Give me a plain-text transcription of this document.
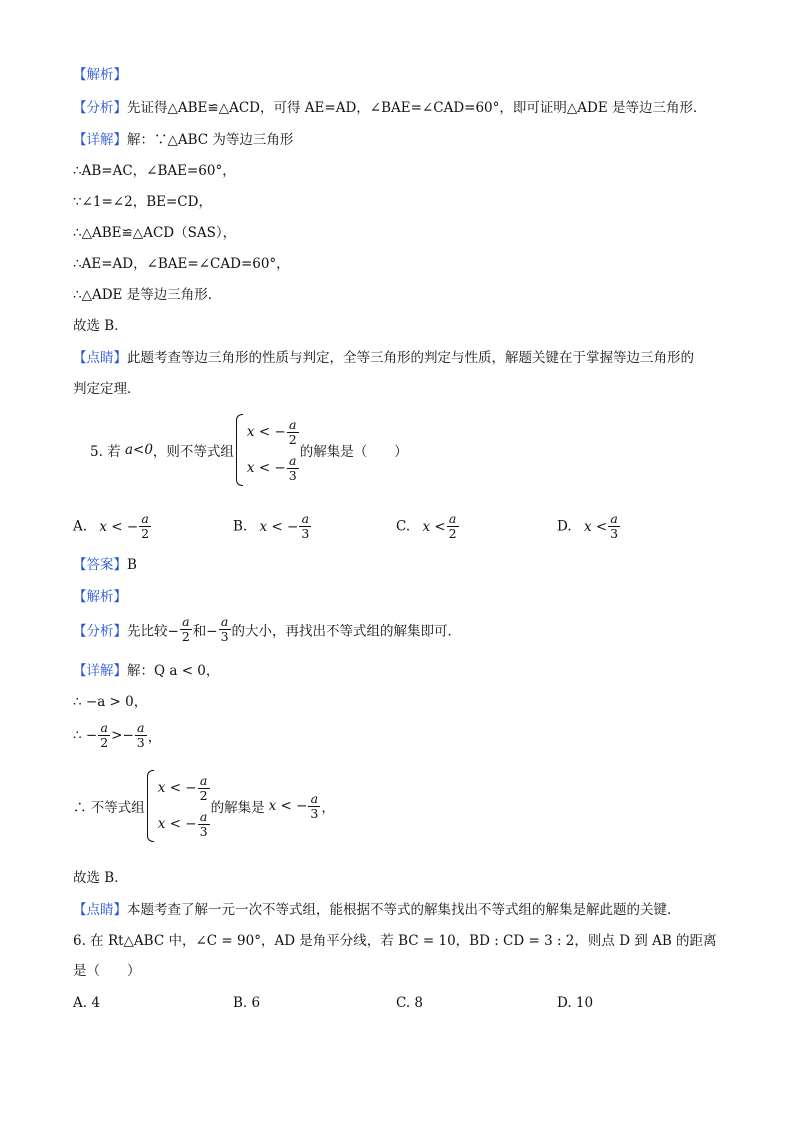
【解析】
【分析】先证得△ABE≌△ACD，可得 AE=AD，∠BAE=∠CAD=60°，即可证明△ADE 是等边三角形．
【详解】解：∵△ABC 为等边三角形
∴AB=AC，∠BAE=60°，
∵∠1=∠2，BE=CD，
∴△ABE≌△ACD（SAS），
∴AE=AD，∠BAE=∠CAD=60°，
∴△ADE 是等边三角形．
故选 B．
【点睛】此题考查等边三角形的性质与判定，全等三角形的判定与性质，解题关键在于掌握等边三角形的
判定定理．
5. 若 a<0，则不等式组
x < − $\frac{a}{2}$
x < − $\frac{a}{3}$
的解集是（　　）
A. x < − $\frac{a}{2}$	B. x < − $\frac{a}{3}$	C. $x < \frac{a}{2}$	D. $x < \frac{a}{3}$
【答案】B
【解析】
【分析】先比较− $\frac{a}{2}$ 和− $\frac{a}{3}$ 的大小，再找出不等式组的解集即可．
【详解】解：Q a < 0，
∴ −a > 0，
∴ − $\frac{a}{2} >- \frac{a}{3}$ ，
∴ 不等式组
x < − $\frac{a}{2}$
x < − $\frac{a}{3}$
的解集是 x < − $\frac{a}{3}$ ，
故选 B．
【点睛】本题考查了解一元一次不等式组，能根据不等式的解集找出不等式组的解集是解此题的关键．
6. 在 Rt△ABC 中，∠C = 90°，AD 是角平分线，若 BC = 10，BD : CD = 3 : 2，则点 D 到 AB 的距离
是（　　）
A. 4	B. 6	C. 8	D. 10
